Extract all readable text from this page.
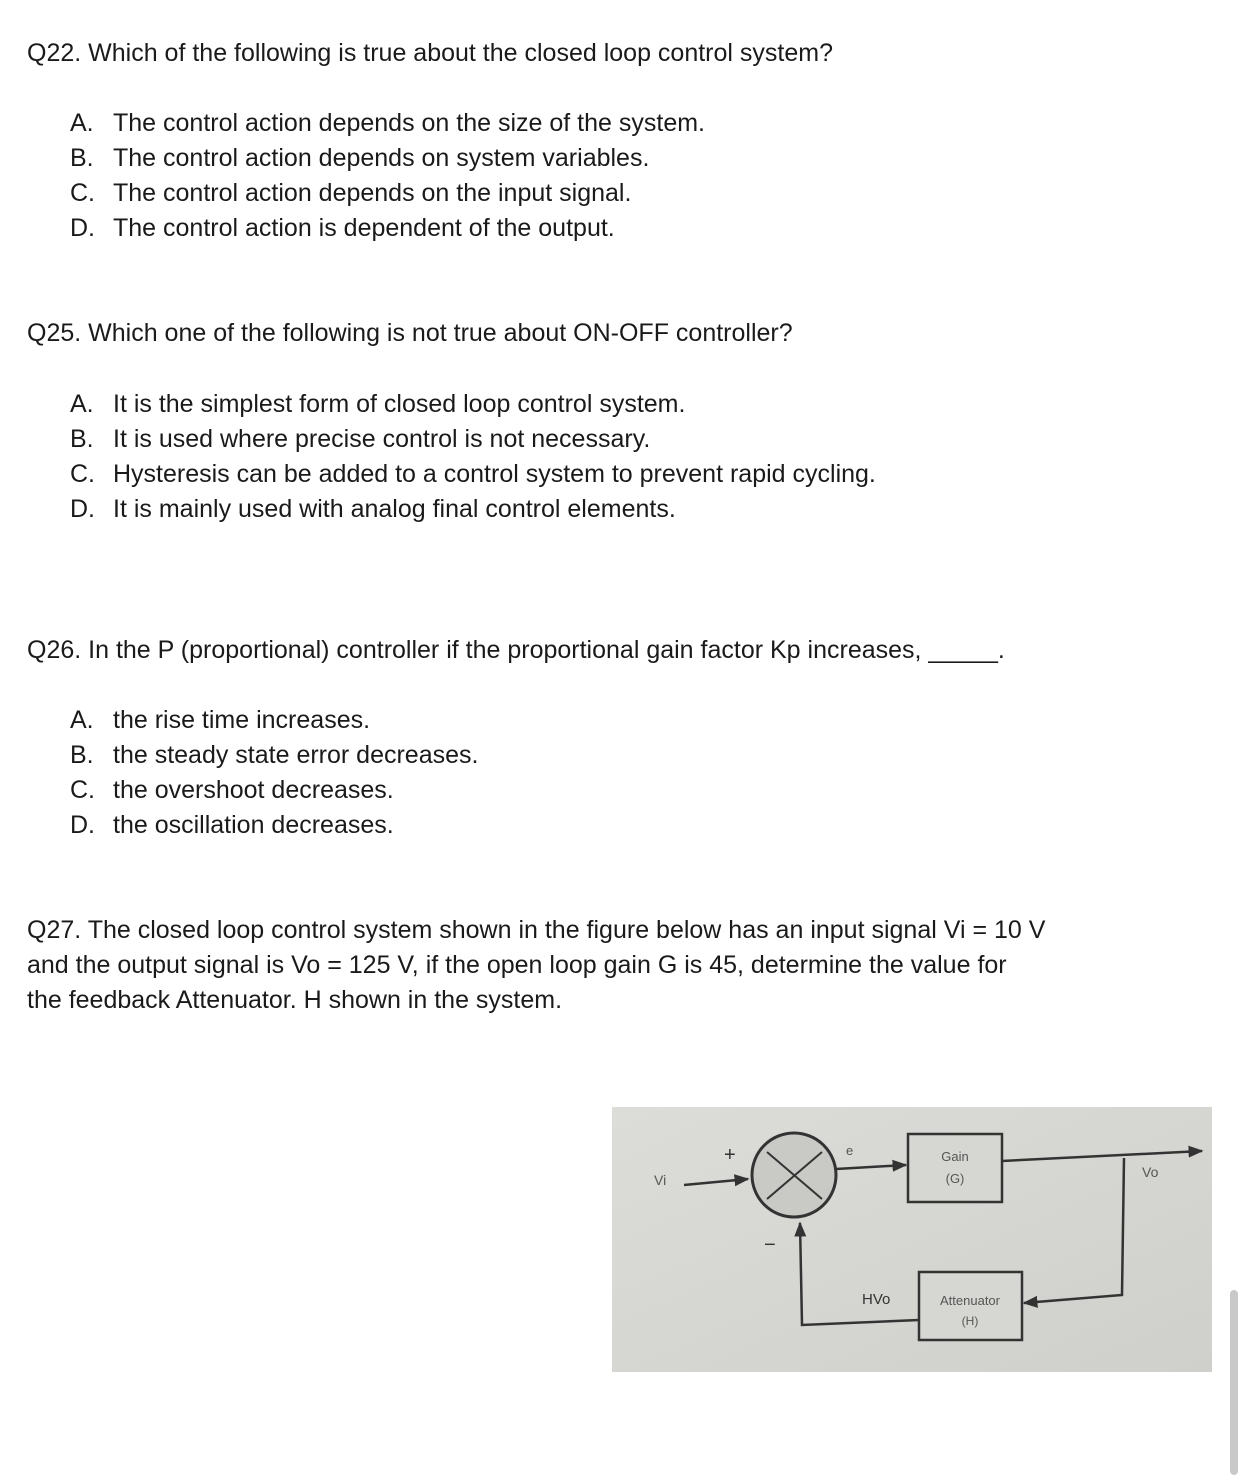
Q22. Which of the following is true about the closed loop control system?
A. The control action depends on the size of the system.
B. The control action depends on system variables.
C. The control action depends on the input signal.
D. The control action is dependent of the output.
Q25. Which one of the following is not true about ON-OFF controller?
A. It is the simplest form of closed loop control system.
B. It is used where precise control is not necessary.
C. Hysteresis can be added to a control system to prevent rapid cycling.
D. It is mainly used with analog final control elements.
Q26. In the P (proportional) controller if the proportional gain factor Kp increases, _____.
A. the rise time increases.
B. the steady state error decreases.
C. the overshoot decreases.
D. the oscillation decreases.
Q27. The closed loop control system shown in the figure below has an input signal Vi = 10 V
and the output signal is Vo = 125 V, if the open loop gain G is 45, determine the value for
the feedback Attenuator. H shown in the system.
Vi
+
−
e	Gain
(G)	Vo
Attenuator
(H)
HVo
